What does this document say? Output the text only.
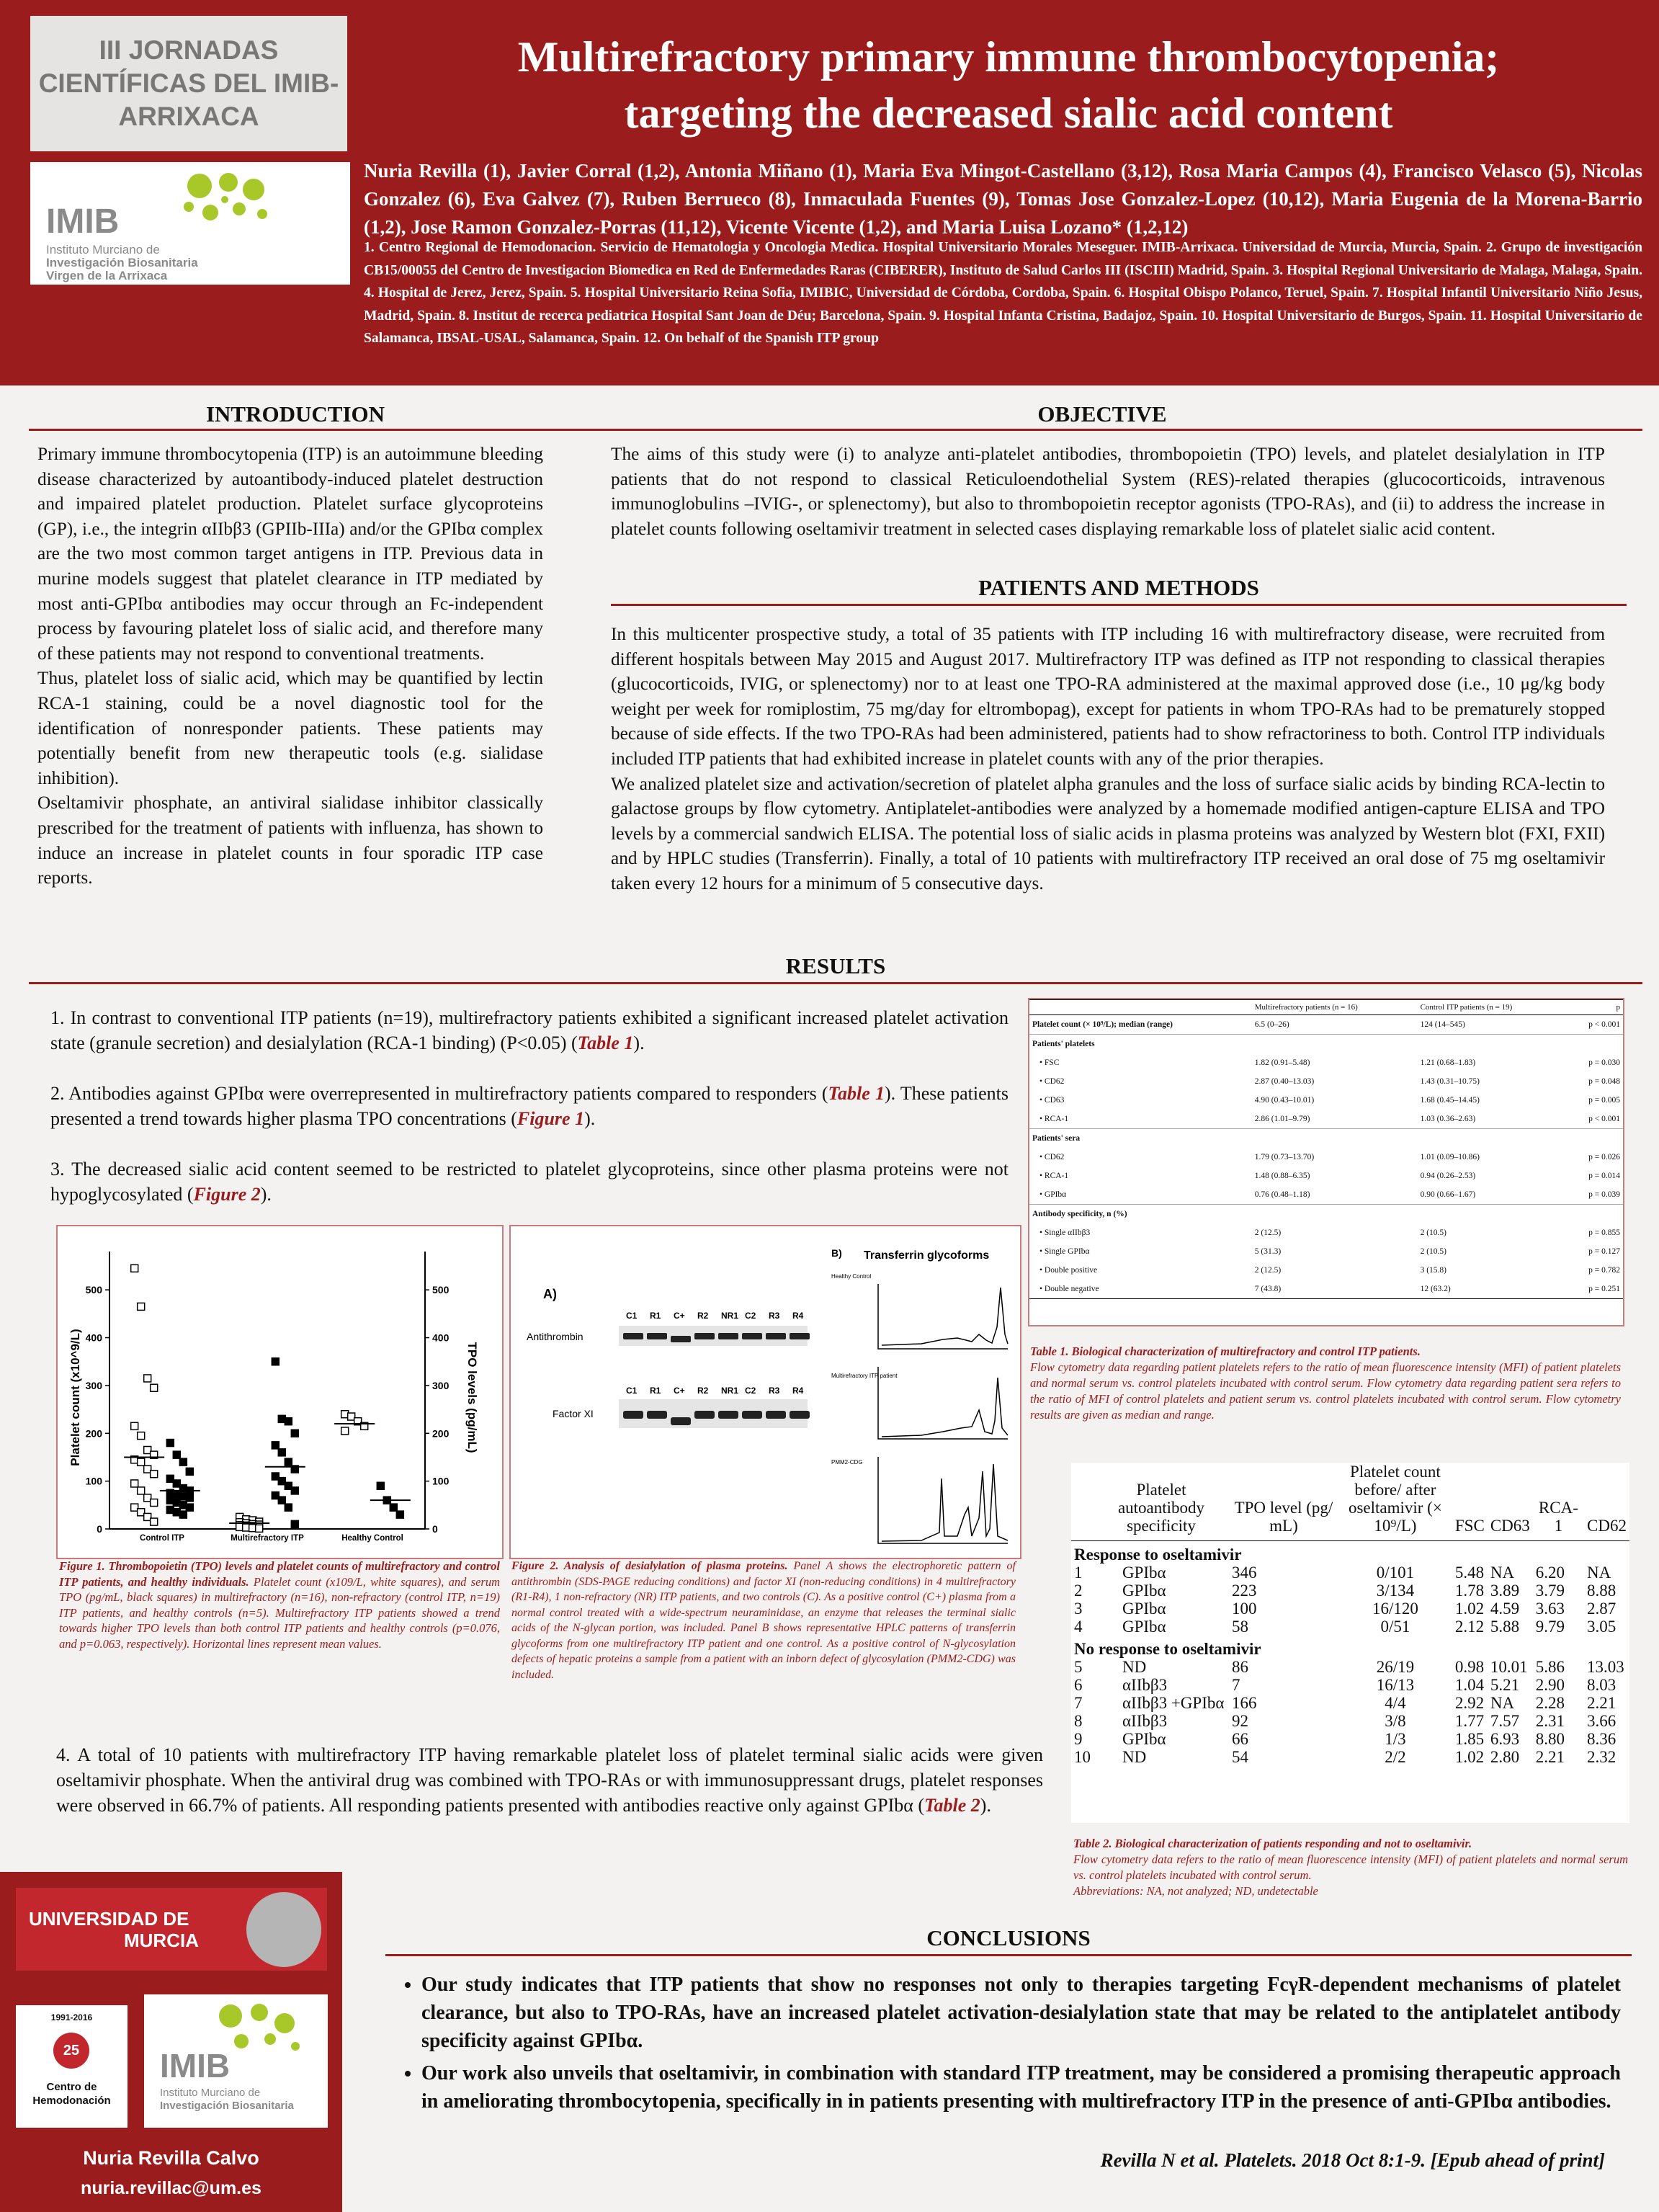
III JORNADAS CIENTÍFICAS DEL IMIB-ARRIXACA
IMIB
Instituto Murciano de
Investigación Biosanitaria
Virgen de la Arrixaca
Multirefractory primary immune thrombocytopenia;
targeting the decreased sialic acid content
Nuria Revilla (1), Javier Corral (1,2), Antonia Miñano (1), Maria Eva Mingot-Castellano (3,12), Rosa Maria Campos (4), Francisco Velasco (5), Nicolas Gonzalez (6), Eva Galvez (7), Ruben Berrueco (8), Inmaculada Fuentes (9), Tomas Jose Gonzalez-Lopez (10,12), Maria Eugenia de la Morena-Barrio (1,2), Jose Ramon Gonzalez-Porras (11,12), Vicente Vicente (1,2), and Maria Luisa Lozano* (1,2,12)
1. Centro Regional de Hemodonacion. Servicio de Hematologia y Oncologia Medica. Hospital Universitario Morales Meseguer. IMIB-Arrixaca. Universidad de Murcia, Murcia, Spain. 2. Grupo de investigación CB15/00055 del Centro de Investigacion Biomedica en Red de Enfermedades Raras (CIBERER), Instituto de Salud Carlos III (ISCIII) Madrid, Spain. 3. Hospital Regional Universitario de Malaga, Malaga, Spain. 4. Hospital de Jerez, Jerez, Spain. 5. Hospital Universitario Reina Sofia, IMIBIC, Universidad de Córdoba, Cordoba, Spain. 6. Hospital Obispo Polanco, Teruel, Spain. 7. Hospital Infantil Universitario Niño Jesus, Madrid, Spain. 8. Institut de recerca pediatrica Hospital Sant Joan de Déu; Barcelona, Spain. 9. Hospital Infanta Cristina, Badajoz, Spain. 10. Hospital Universitario de Burgos, Spain. 11. Hospital Universitario de Salamanca, IBSAL-USAL, Salamanca, Spain. 12. On behalf of the Spanish ITP group
INTRODUCTION

Primary immune thrombocytopenia (ITP) is an autoimmune bleeding disease characterized by autoantibody-induced platelet destruction and impaired platelet production. Platelet surface glycoproteins (GP), i.e., the integrin αIIbβ3 (GPIIb-IIIa) and/or the GPIbα complex are the two most common target antigens in ITP. Previous data in murine models suggest that platelet clearance in ITP mediated by most anti-GPIbα antibodies may occur through an Fc-independent process by favouring platelet loss of sialic acid, and therefore many of these patients may not respond to conventional treatments.

Thus, platelet loss of sialic acid, which may be quantified by lectin RCA-1 staining, could be a novel diagnostic tool for the identification of nonresponder patients. These patients may potentially benefit from new therapeutic tools (e.g. sialidase inhibition).

Oseltamivir phosphate, an antiviral sialidase inhibitor classically prescribed for the treatment of patients with influenza, has shown to induce an increase in platelet counts in four sporadic ITP case reports.

OBJECTIVE
The aims of this study were (i) to analyze anti-platelet antibodies, thrombopoietin (TPO) levels, and platelet desialylation in ITP patients that do not respond to classical Reticuloendothelial System (RES)-related therapies (glucocorticoids, intravenous immunoglobulins –IVIG-, or splenectomy), but also to thrombopoietin receptor agonists (TPO-RAs), and (ii) to address the increase in platelet counts following oseltamivir treatment in selected cases displaying remarkable loss of platelet sialic acid content.
PATIENTS AND METHODS

In this multicenter prospective study, a total of 35 patients with ITP including 16 with multirefractory disease, were recruited from different hospitals between May 2015 and August 2017. Multirefractory ITP was defined as ITP not responding to classical therapies (glucocorticoids, IVIG, or splenectomy) nor to at least one TPO-RA administered at the maximal approved dose (i.e., 10 μg/kg body weight per week for romiplostim, 75 mg/day for eltrombopag), except for patients in whom TPO-RAs had to be prematurely stopped because of side effects. If the two TPO-RAs had been administered, patients had to show refractoriness to both. Control ITP individuals included ITP patients that had exhibited increase in platelet counts with any of the prior therapies.

We analized platelet size and activation/secretion of platelet alpha granules and the loss of surface sialic acids by binding RCA-lectin to galactose groups by flow cytometry. Antiplatelet-antibodies were analyzed by a homemade modified antigen-capture ELISA and TPO levels by a commercial sandwich ELISA. The potential loss of sialic acids in plasma proteins was analyzed by Western blot (FXI, FXII) and by HPLC studies (Transferrin). Finally, a total of 10 patients with multirefractory ITP received an oral dose of 75 mg oseltamivir taken every 12 hours for a minimum of 5 consecutive days.

RESULTS
1. In contrast to conventional ITP patients (n=19), multirefractory patients exhibited a significant increased platelet activation state (granule secretion) and desialylation (RCA-1 binding) (P<0.05) (Table 1).
2. Antibodies against GPIbα were overrepresented in multirefractory patients compared to responders (Table 1). These patients presented a trend towards higher plasma TPO concentrations (Figure 1).
3. The decreased sialic acid content seemed to be restricted to platelet glycoproteins, since other plasma proteins were not hypoglycosylated (Figure 2).
0	0
100	100
200	200
300	300
400	400
500	500
Platelet count (x10^9/L)	TPO levels (pg/mL)
Control ITP	Multirefractory ITP	Healthy Control
Figure 1. Thrombopoietin (TPO) levels and platelet counts of multirefractory and control ITP patients, and healthy individuals. Platelet count (x109/L, white squares), and serum TPO (pg/mL, black squares) in multirefractory (n=16), non-refractory (control ITP, n=19) ITP patients, and healthy controls (n=5). Multirefractory ITP patients showed a trend towards higher TPO levels than both control ITP patients and healthy controls (p=0.076, and p=0.063, respectively). Horizontal lines represent mean values.
A)
B) Transferrin glycoforms
C1 R1 C+ R2 NR1 C2 R3 R4
Antithrombin
C1 R1 C+ R2 NR1 C2 R3 R4
Factor XI
Healthy Control
Multirefractory ITP patient
PMM2-CDG
Figure 2. Analysis of desialylation of plasma proteins. Panel A shows the electrophoretic pattern of antithrombin (SDS-PAGE reducing conditions) and factor XI (non-reducing conditions) in 4 multirefractory (R1-R4), 1 non-refractory (NR) ITP patients, and two controls (C). As a positive control (C+) plasma from a normal control treated with a wide-spectrum neuraminidase, an enzyme that releases the terminal sialic acids of the N-glycan portion, was included. Panel B shows representative HPLC patterns of transferrin glycoforms from one multirefractory ITP patient and one control. As a positive control of N-glycosylation defects of hepatic proteins a sample from a patient with an inborn defect of glycosylation (PMM2-CDG) was included.
	Multirefractory patients (n = 16)	Control ITP patients (n = 19)	p
Platelet count (× 10⁹/L); median (range)	6.5 (0–26)	124 (14–545)	p < 0.001
Patients' platelets			
• FSC	1.82 (0.91–5.48)	1.21 (0.68–1.83)	p = 0.030
• CD62	2.87 (0.40–13.03)	1.43 (0.31–10.75)	p = 0.048
• CD63	4.90 (0.43–10.01)	1.68 (0.45–14.45)	p = 0.005
• RCA-1	2.86 (1.01–9.79)	1.03 (0.36–2.63)	p < 0.001
Patients' sera			
• CD62	1.79 (0.73–13.70)	1.01 (0.09–10.86)	p = 0.026
• RCA-1	1.48 (0.88–6.35)	0.94 (0.26–2.53)	p = 0.014
• GPIbα	0.76 (0.48–1.18)	0.90 (0.66–1.67)	p = 0.039
Antibody specificity, n (%)			
• Single αIIbβ3	2 (12.5)	2 (10.5)	p = 0.855
• Single GPIbα	5 (31.3)	2 (10.5)	p = 0.127
• Double positive	2 (12.5)	3 (15.8)	p = 0.782
• Double negative	7 (43.8)	12 (63.2)	p = 0.251
Table 1. Biological characterization of multirefractory and control ITP patients.
Flow cytometry data regarding patient platelets refers to the ratio of mean fluorescence intensity (MFI) of patient platelets and normal serum vs. control platelets incubated with control serum. Flow cytometry data regarding patient sera refers to the ratio of MFI of control platelets and patient serum vs. control platelets incubated with control serum. Flow cytometry results are given as median and range.
	Platelet autoantibody specificity	TPO level (pg/ mL)	Platelet count before/ after oseltamivir (× 10⁹/L)	FSC	CD63	RCA-1	CD62
Response to oseltamivir							
1	GPIbα	346	0/101	5.48	NA	6.20	NA
2	GPIbα	223	3/134	1.78	3.89	3.79	8.88
3	GPIbα	100	16/120	1.02	4.59	3.63	2.87
4	GPIbα	58	0/51	2.12	5.88	9.79	3.05
No response to oseltamivir							
5	ND	86	26/19	0.98	10.01	5.86	13.03
6	αIIbβ3	7	16/13	1.04	5.21	2.90	8.03
7	αIIbβ3 +GPIbα	166	4/4	2.92	NA	2.28	2.21
8	αIIbβ3	92	3/8	1.77	7.57	2.31	3.66
9	GPIbα	66	1/3	1.85	6.93	8.80	8.36
10	ND	54	2/2	1.02	2.80	2.21	2.32
Table 2. Biological characterization of patients responding and not to oseltamivir.
Flow cytometry data refers to the ratio of mean fluorescence intensity (MFI) of patient platelets and normal serum vs. control platelets incubated with control serum.
Abbreviations: NA, not analyzed; ND, undetectable
4. A total of 10 patients with multirefractory ITP having remarkable platelet loss of platelet terminal sialic acids were given oseltamivir phosphate. When the antiviral drug was combined with TPO-RAs or with immunosuppressant drugs, platelet responses were observed in 66.7% of patients. All responding patients presented with antibodies reactive only against GPIbα (Table 2).
UNIVERSIDAD DE
MURCIA
1991-2016
25
Centro de
Hemodonación
IMIB
Instituto Murciano de
Investigación Biosanitaria
Nuria Revilla Calvo
nuria.revillac@um.es
CONCLUSIONS
• Our study indicates that ITP patients that show no responses not only to therapies targeting FcγR-dependent mechanisms of platelet clearance, but also to TPO-RAs, have an increased platelet activation-desialylation state that may be related to the antiplatelet antibody specificity against GPIbα.
• Our work also unveils that oseltamivir, in combination with standard ITP treatment, may be considered a promising therapeutic approach in ameliorating thrombocytopenia, specifically in in patients presenting with multirefractory ITP in the presence of anti-GPIbα antibodies.
Revilla N et al. Platelets. 2018 Oct 8:1-9. [Epub ahead of print]
